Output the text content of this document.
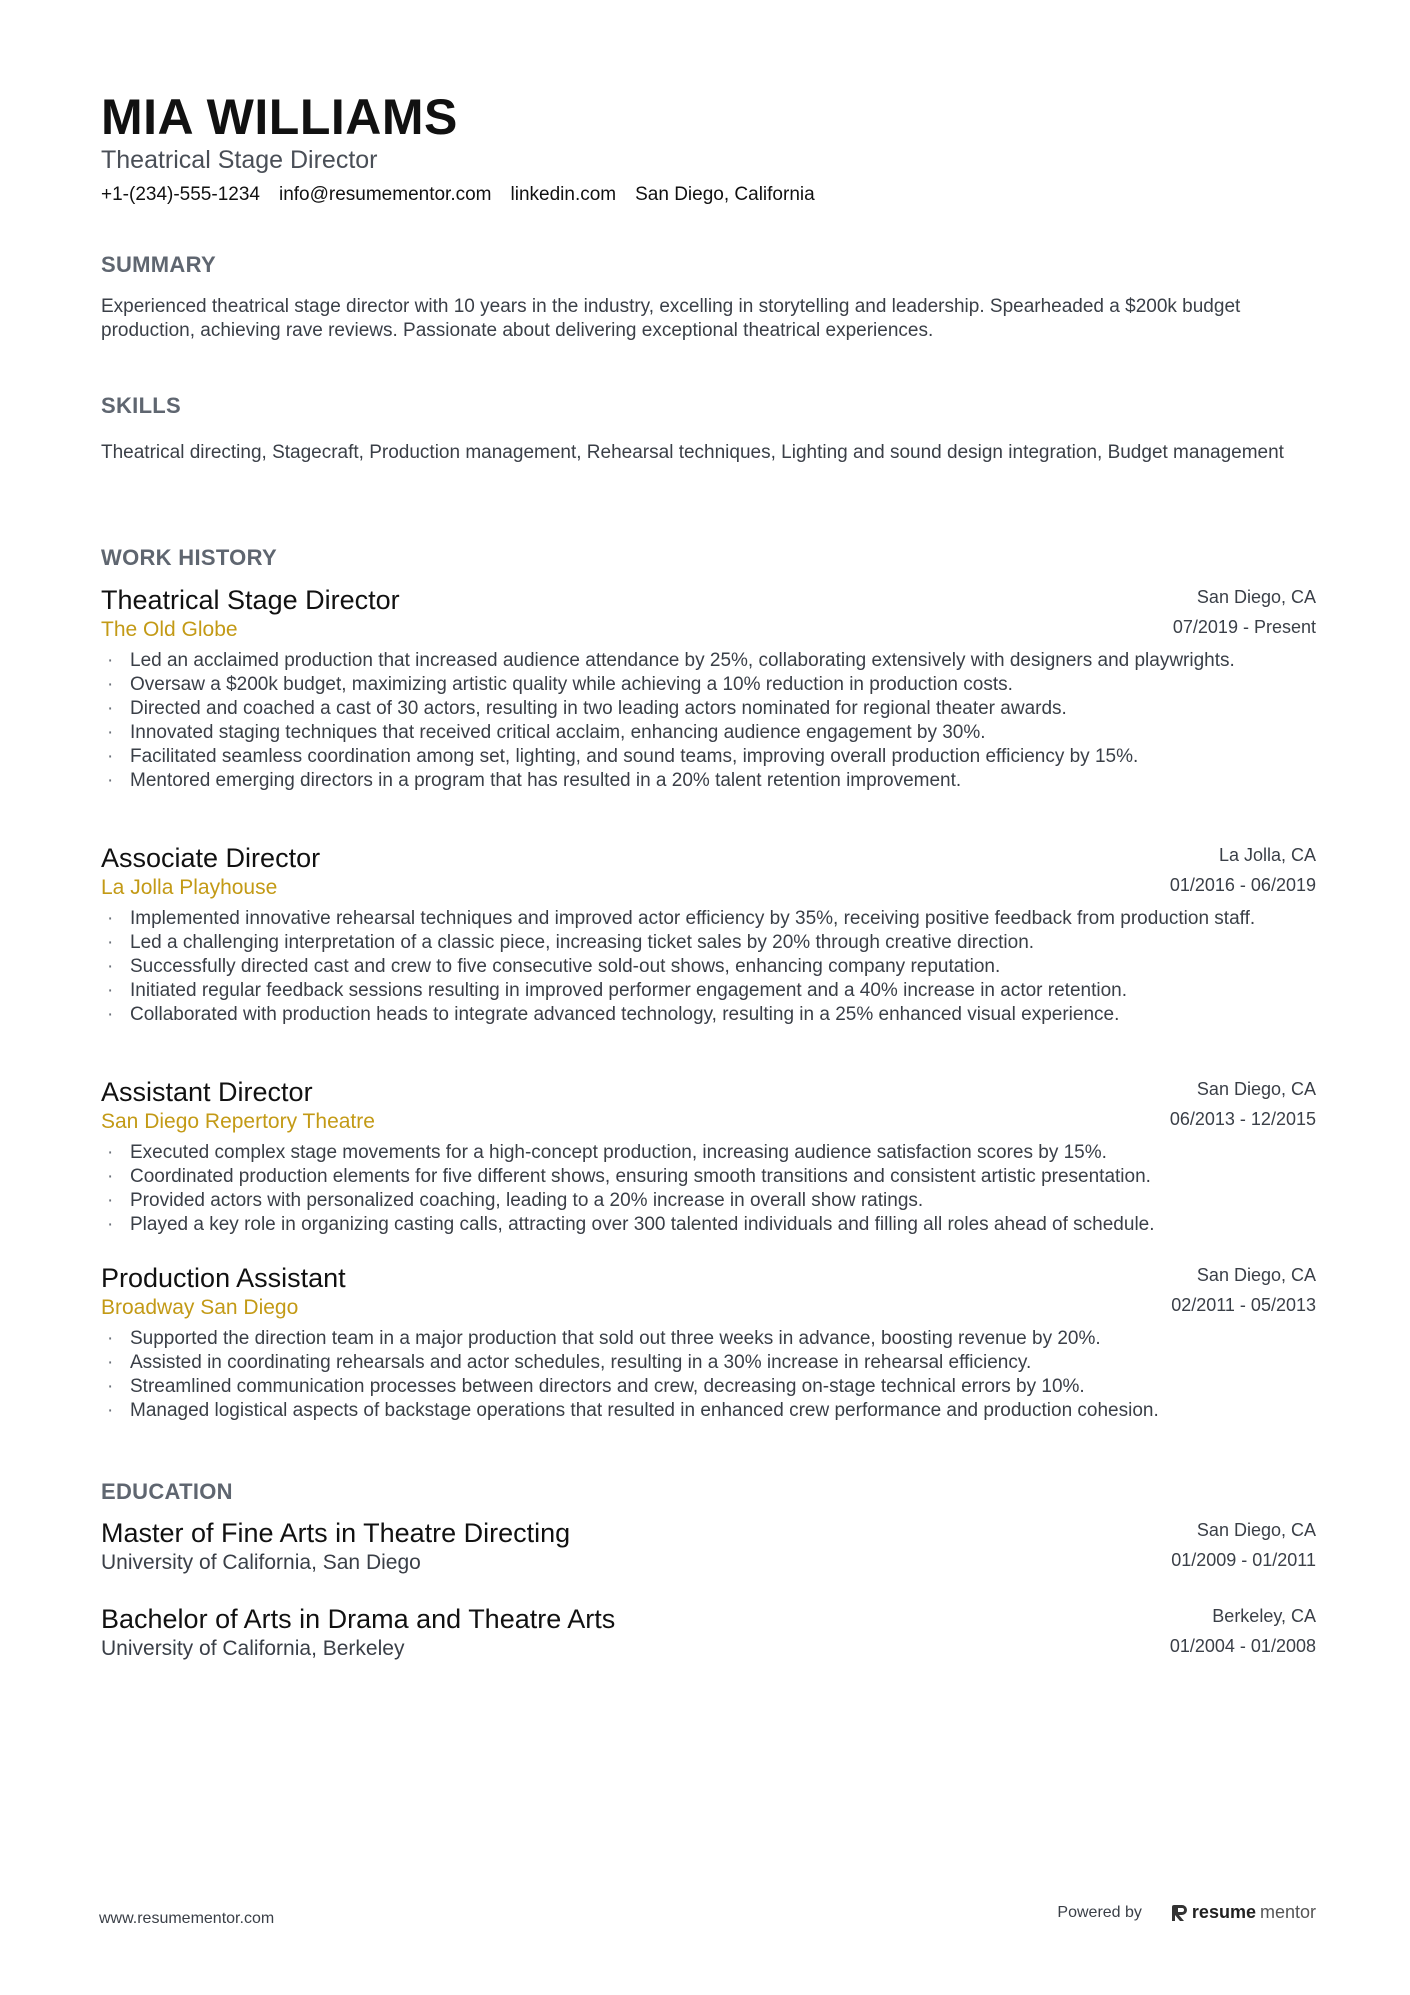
MIA WILLIAMS
Theatrical Stage Director
+1-(234)-555-1234 info@resumementor.com linkedin.com San Diego, California
SUMMARY

Experienced theatrical stage director with 10 years in the industry, excelling in storytelling and leadership. Spearheaded a $200k budget production, achieving rave reviews. Passionate about delivering exceptional theatrical experiences.

SKILLS

Theatrical directing, Stagecraft, Production management, Rehearsal techniques, Lighting and sound design integration, Budget management

WORK HISTORY
Theatrical Stage Director
The Old Globe
San Diego, CA
07/2019 - Present
· Led an acclaimed production that increased audience attendance by 25%, collaborating extensively with designers and playwrights.
· Oversaw a $200k budget, maximizing artistic quality while achieving a 10% reduction in production costs.
· Directed and coached a cast of 30 actors, resulting in two leading actors nominated for regional theater awards.
· Innovated staging techniques that received critical acclaim, enhancing audience engagement by 30%.
· Facilitated seamless coordination among set, lighting, and sound teams, improving overall production efficiency by 15%.
· Mentored emerging directors in a program that has resulted in a 20% talent retention improvement.
Associate Director
La Jolla Playhouse
La Jolla, CA
01/2016 - 06/2019
· Implemented innovative rehearsal techniques and improved actor efficiency by 35%, receiving positive feedback from production staff.
· Led a challenging interpretation of a classic piece, increasing ticket sales by 20% through creative direction.
· Successfully directed cast and crew to five consecutive sold-out shows, enhancing company reputation.
· Initiated regular feedback sessions resulting in improved performer engagement and a 40% increase in actor retention.
· Collaborated with production heads to integrate advanced technology, resulting in a 25% enhanced visual experience.
Assistant Director
San Diego Repertory Theatre
San Diego, CA
06/2013 - 12/2015
· Executed complex stage movements for a high-concept production, increasing audience satisfaction scores by 15%.
· Coordinated production elements for five different shows, ensuring smooth transitions and consistent artistic presentation.
· Provided actors with personalized coaching, leading to a 20% increase in overall show ratings.
· Played a key role in organizing casting calls, attracting over 300 talented individuals and filling all roles ahead of schedule.
Production Assistant
Broadway San Diego
San Diego, CA
02/2011 - 05/2013
· Supported the direction team in a major production that sold out three weeks in advance, boosting revenue by 20%.
· Assisted in coordinating rehearsals and actor schedules, resulting in a 30% increase in rehearsal efficiency.
· Streamlined communication processes between directors and crew, decreasing on-stage technical errors by 10%.
· Managed logistical aspects of backstage operations that resulted in enhanced crew performance and production cohesion.
EDUCATION
Master of Fine Arts in Theatre Directing
University of California, San Diego
San Diego, CA
01/2009 - 01/2011
Bachelor of Arts in Drama and Theatre Arts
University of California, Berkeley
Berkeley, CA
01/2004 - 01/2008
www.resumementor.com	Powered by	resume mentor
